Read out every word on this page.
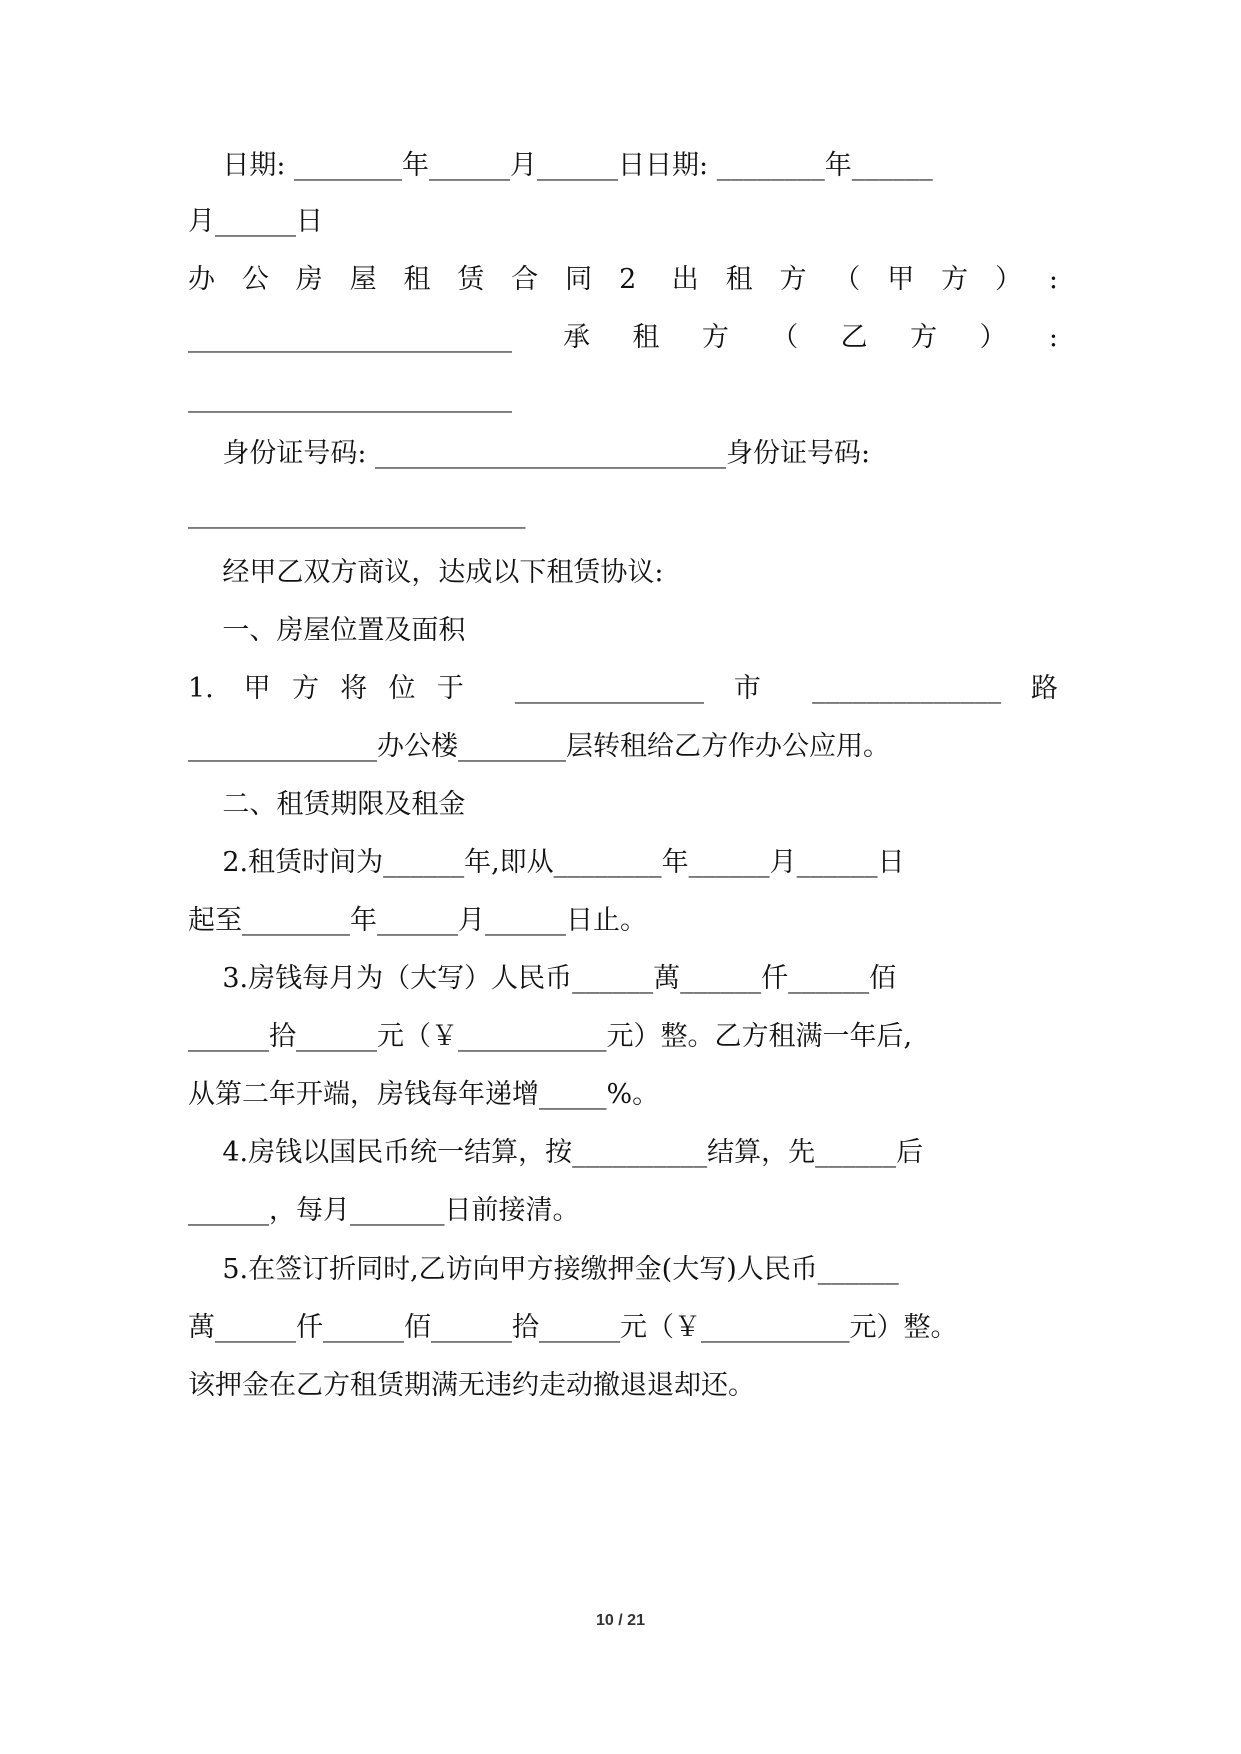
日期: ________年______月______日日期: ________年______
月______日
办公房屋租赁合同2 出租方（甲方）:
________________________ 承租方（乙方）:
________________________
身份证号码: __________________________身份证号码:
_________________________
经甲乙双方商议，达成以下租赁协议:
一、房屋位置及面积
1. 甲方将位于 ______________ 市 ______________ 路
______________办公楼________层转租给乙方作办公应用。
二、租赁期限及租金
2.租赁时间为______年,即从________年______月______日
起至________年______月______日止。
3.房钱每月为（大写）人民币______萬______仟______佰
______拾______元（￥___________元）整。乙方租满一年后,
从第二年开端，房钱每年递增_____%。
4.房钱以国民币统一结算，按__________结算，先______后
______，每月_______日前接清。
5.在签订折同时,乙访向甲方接缴押金(大写)人民币______
萬______仟______佰______拾______元（￥___________元）整。
该押金在乙方租赁期满无违约走动撤退退却还。
10 / 21
